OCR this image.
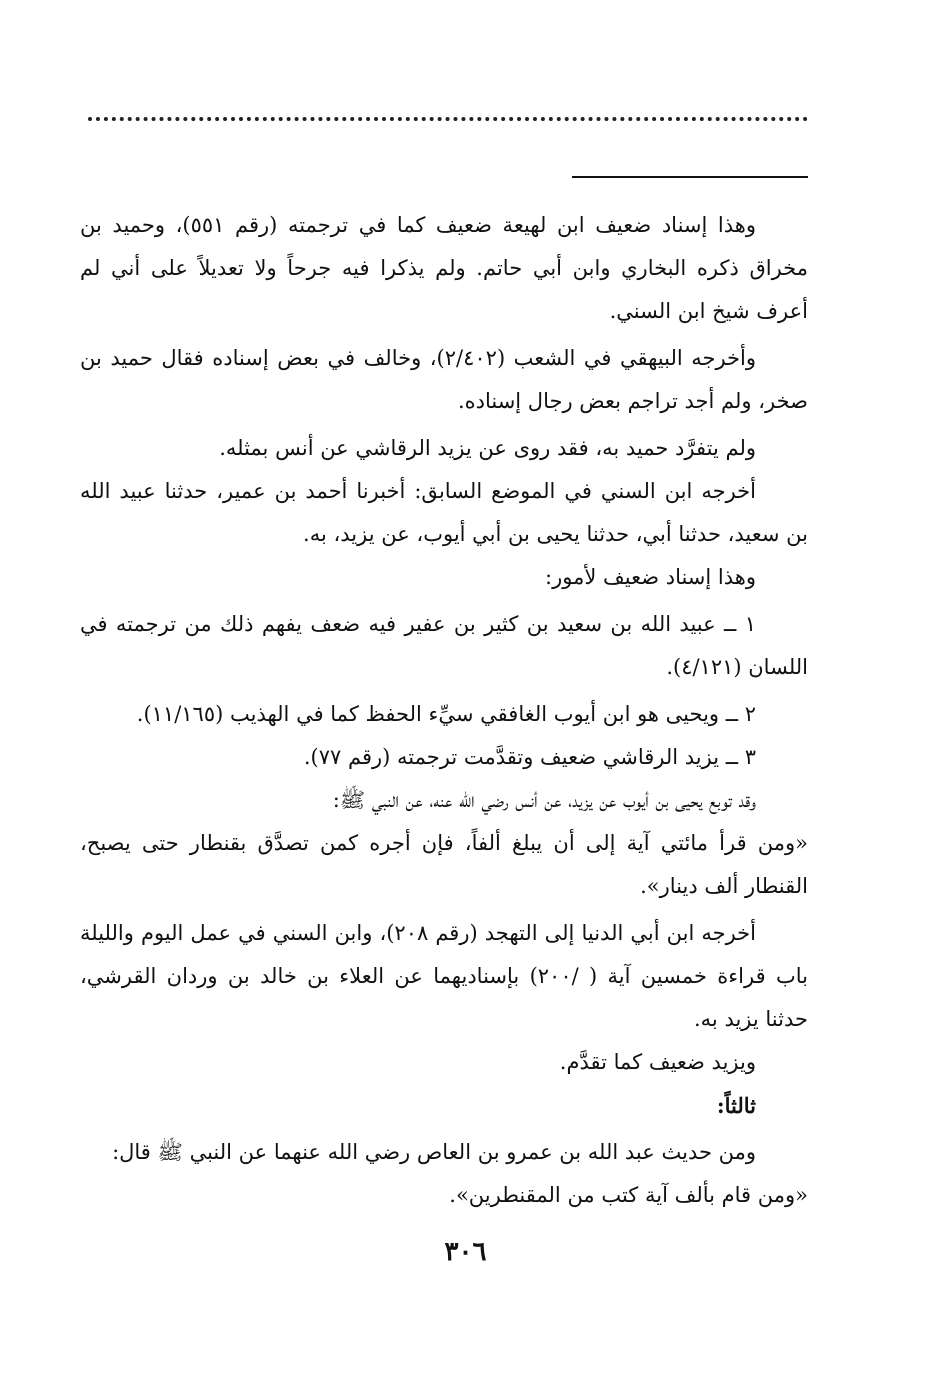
وهذا إسناد ضعيف ابن لهيعة ضعيف كما في ترجمته (رقم ٥٥١)، وحميد بن مخراق ذكره البخاري وابن أبي حاتم. ولم يذكرا فيه جرحاً ولا تعديلاً على أني لم أعرف شيخ ابن السني.

وأخرجه البيهقي في الشعب (٢/٤٠٢)، وخالف في بعض إسناده فقال حميد بن صخر، ولم أجد تراجم بعض رجال إسناده.

ولم يتفرَّد حميد به، فقد روى عن يزيد الرقاشي عن أنس بمثله.

أخرجه ابن السني في الموضع السابق: أخبرنا أحمد بن عمير، حدثنا عبيد الله بن سعيد، حدثنا أبي، حدثنا يحيى بن أبي أيوب، عن يزيد، به.

وهذا إسناد ضعيف لأمور:

١ ــ عبيد الله بن سعيد بن كثير بن عفير فيه ضعف يفهم ذلك من ترجمته في اللسان (٤/١٢١).

٢ ــ ويحيى هو ابن أيوب الغافقي سيِّء الحفظ كما في الهذيب (١١/١٦٥).

٣ ــ يزيد الرقاشي ضعيف وتقدَّمت ترجمته (رقم ٧٧).

وقد توبع يحيى بن أيوب عن يزيد، عن أنس رضي الله عنه، عن النبي ﷺ:

«ومن قرأ مائتي آية إلى أن يبلغ ألفاً، فإن أجره كمن تصدَّق بقنطار حتى يصبح، القنطار ألف دينار».

أخرجه ابن أبي الدنيا إلى التهجد (رقم ٢٠٨)، وابن السني في عمل اليوم والليلة باب قراءة خمسين آية ( /٢٠٠) بإسناديهما عن العلاء بن خالد بن وردان القرشي، حدثنا يزيد به.

ويزيد ضعيف كما تقدَّم.

ثالثاً:

ومن حديث عبد الله بن عمرو بن العاص رضي الله عنهما عن النبي ﷺ قال:

«ومن قام بألف آية كتب من المقنطرين».

٣٠٦
